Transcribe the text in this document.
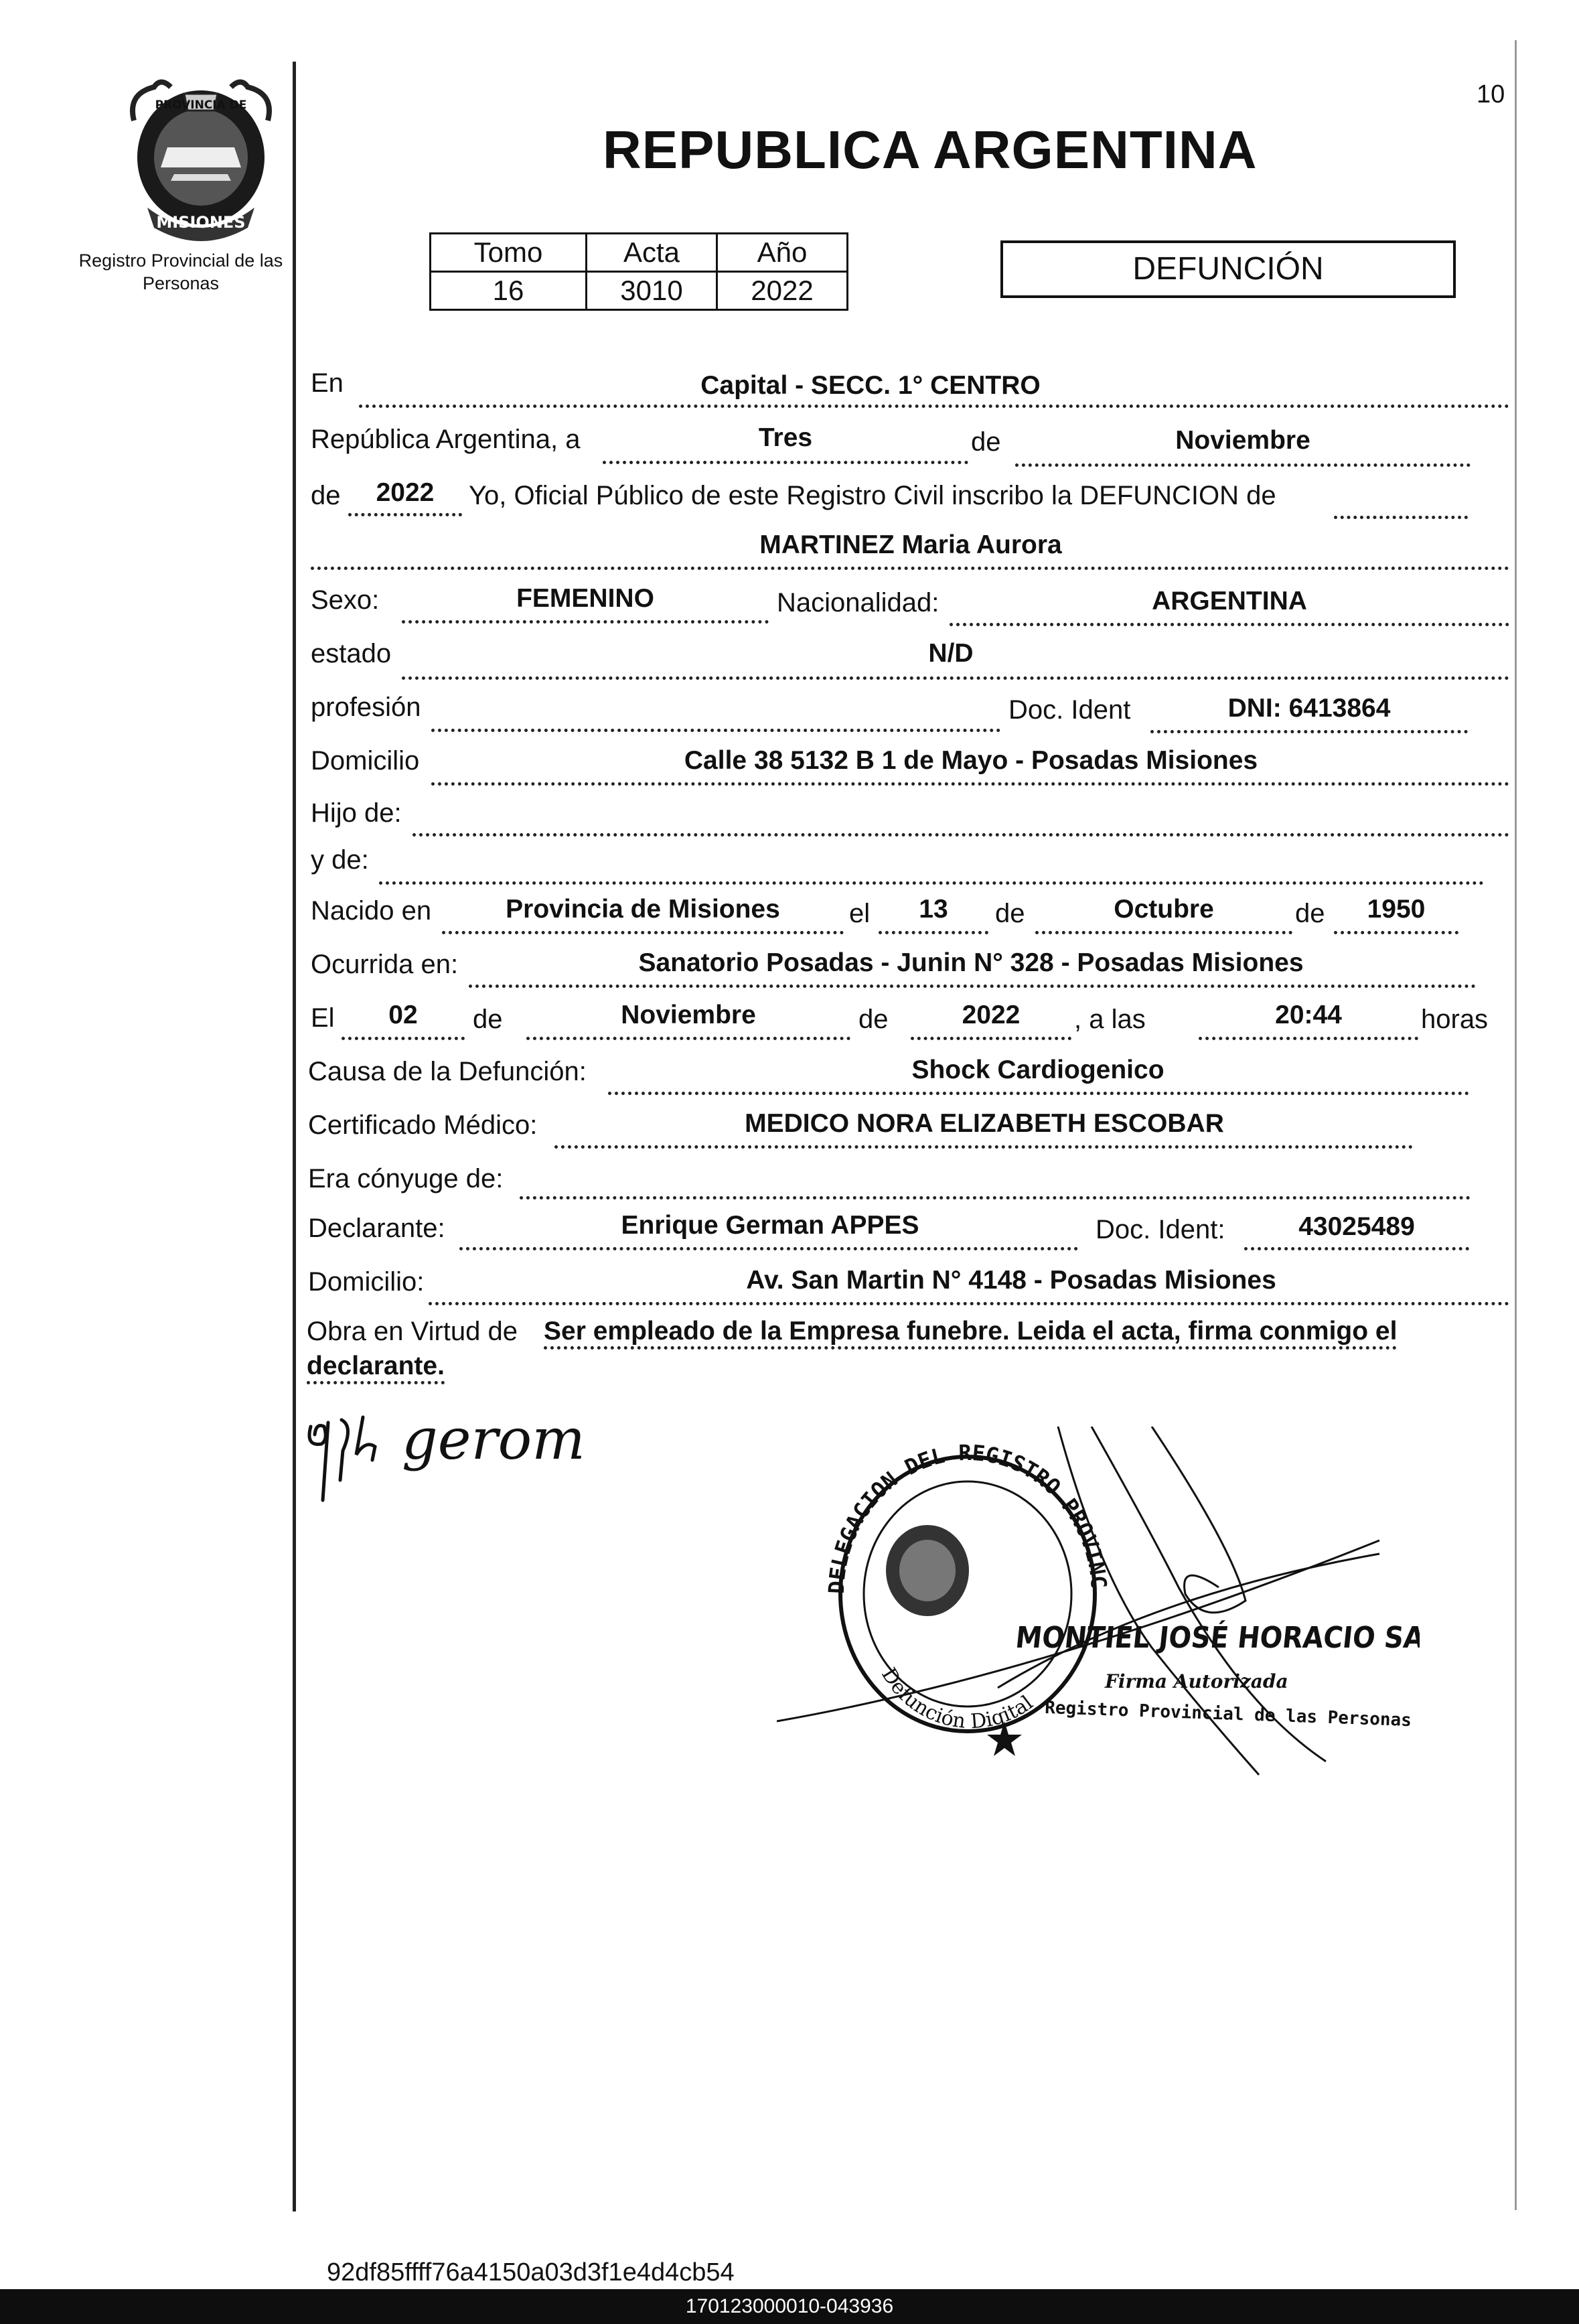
PROVINCIA DE
MISIONES
Registro Provincial de las Personas
10
REPUBLICA ARGENTINA
Tomo	Acta	Año
16	3010	2022
DEFUNCIÓN
En	Capital - SECC. 1° CENTRO
República Argentina, a	Tres	de	Noviembre
de	2022	Yo, Oficial Público de este Registro Civil inscribo la DEFUNCION de
MARTINEZ Maria Aurora
Sexo:	FEMENINO	Nacionalidad:	ARGENTINA
estado	N/D
profesión	Doc. Ident	DNI: 6413864
Domicilio	Calle 38 5132 B 1 de Mayo - Posadas Misiones
Hijo de:
y de:
Nacido en	Provincia de Misiones	el	13	de	Octubre	de	1950
Ocurrida en:	Sanatorio Posadas - Junin N° 328 - Posadas Misiones
El	02	de	Noviembre	de	2022	, a las	20:44	horas
Causa de la Defunción:	Shock Cardiogenico
Certificado Médico:	MEDICO NORA ELIZABETH ESCOBAR
Era cónyuge de:
Declarante:	Enrique German APPES	Doc. Ident:	43025489
Domicilio:	Av. San Martin N° 4148 - Posadas Misiones
Obra en Virtud de Ser empleado de la Empresa funebre. Leida el acta, firma conmigo el
declarante.
gerom
DELEGACION DEL REGISTRO PROVINC
Defunción Digital
MONTIEL JOSÉ HORACIO SAUL
Firma Autorizada
Registro Provincial de las Personas
92df85ffff76a4150a03d3f1e4d4cb54
170123000010-043936
